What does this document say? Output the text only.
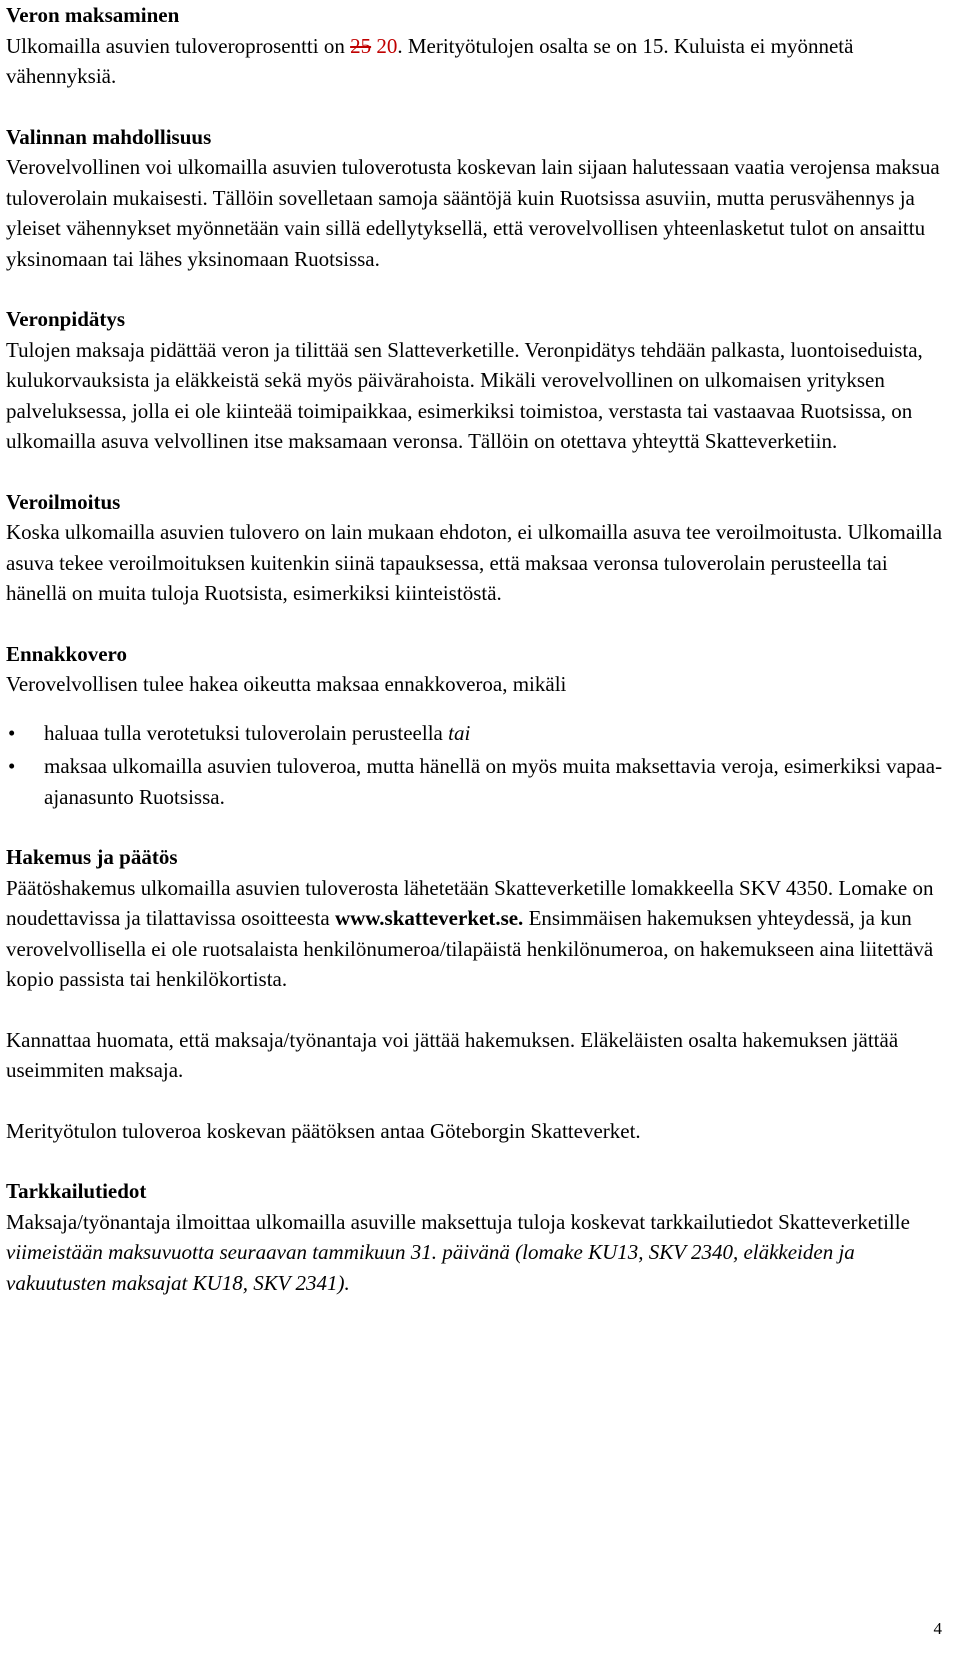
Veron maksaminen

Ulkomailla asuvien tuloveroprosentti on 25 20. Merityötulojen osalta se on 15. Kuluista ei myönnetä vähennyksiä.

Valinnan mahdollisuus

Verovelvollinen voi ulkomailla asuvien tuloverotusta koskevan lain sijaan halutessaan vaatia verojensa maksua tuloverolain mukaisesti. Tällöin sovelletaan samoja sääntöjä kuin Ruotsissa asuviin, mutta perusvähennys ja yleiset vähennykset myönnetään vain sillä edellytyksellä, että verovelvollisen yhteenlasketut tulot on ansaittu yksinomaan tai lähes yksinomaan Ruotsissa.

Veronpidätys

Tulojen maksaja pidättää veron ja tilittää sen Slatteverketille. Veronpidätys tehdään palkasta, luontoiseduista, kulukorvauksista ja eläkkeistä sekä myös päivärahoista. Mikäli verovelvollinen on ulkomaisen yrityksen palveluksessa, jolla ei ole kiinteää toimipaikkaa, esimerkiksi toimistoa, verstasta tai vastaavaa Ruotsissa, on ulkomailla asuva velvollinen itse maksamaan veronsa. Tällöin on otettava yhteyttä Skatteverketiin.

Veroilmoitus

Koska ulkomailla asuvien tulovero on lain mukaan ehdoton, ei ulkomailla asuva tee veroilmoitusta. Ulkomailla asuva tekee veroilmoituksen kuitenkin siinä tapauksessa, että maksaa veronsa tuloverolain perusteella tai hänellä on muita tuloja Ruotsista, esimerkiksi kiinteistöstä.

Ennakkovero

Verovelvollisen tulee hakea oikeutta maksaa ennakkoveroa, mikäli

• haluaa tulla verotetuksi tuloverolain perusteella tai
• maksaa ulkomailla asuvien tuloveroa, mutta hänellä on myös muita maksettavia veroja, esimerkiksi vapaa-ajanasunto Ruotsissa.
Hakemus ja päätös

Päätöshakemus ulkomailla asuvien tuloverosta lähetetään Skatteverketille lomakkeella SKV 4350. Lomake on noudettavissa ja tilattavissa osoitteesta www.skatteverket.se. Ensimmäisen hakemuksen yhteydessä, ja kun verovelvollisella ei ole ruotsalaista henkilönumeroa/tilapäistä henkilönumeroa, on hakemukseen aina liitettävä kopio passista tai henkilökortista.

Kannattaa huomata, että maksaja/työnantaja voi jättää hakemuksen. Eläkeläisten osalta hakemuksen jättää useimmiten maksaja.

Merityötulon tuloveroa koskevan päätöksen antaa Göteborgin Skatteverket.

Tarkkailutiedot

Maksaja/työnantaja ilmoittaa ulkomailla asuville maksettuja tuloja koskevat tarkkailutiedot Skatteverketille viimeistään maksuvuotta seuraavan tammikuun 31. päivänä (lomake KU13, SKV 2340, eläkkeiden ja vakuutusten maksajat KU18, SKV 2341).

4
